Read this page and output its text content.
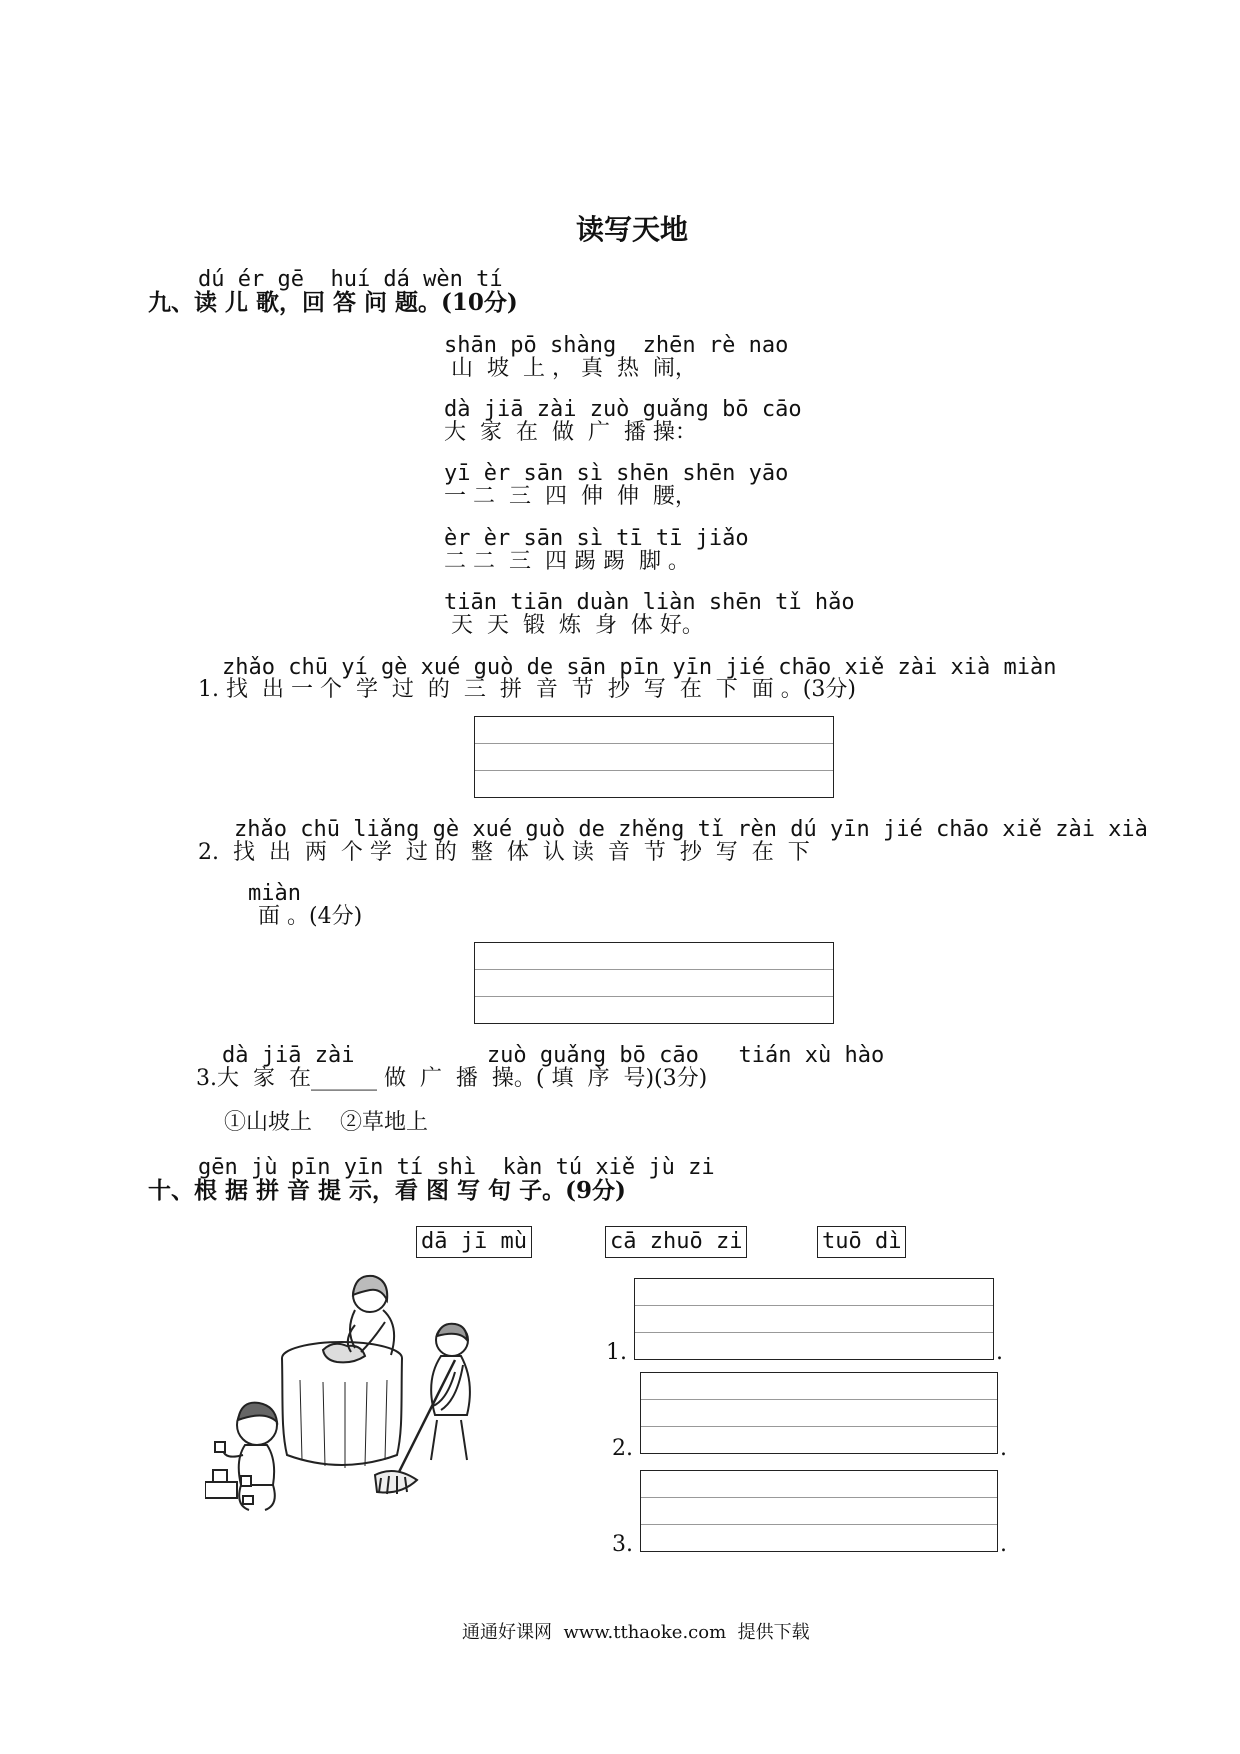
读写天地
dú ér gē  huí dá wèn tí
九、读 儿 歌，回 答 问 题。(10分)
shān pō shàng  zhēn rè nao
山  坡  上 ， 真  热  闹，
dà jiā zài zuò guǎng bō cāo
大  家  在  做  广  播 操：
yī èr sān sì shēn shēn yāo
一 二  三  四  伸  伸  腰，
èr èr sān sì tī tī jiǎo
二 二  三  四 踢 踢  脚 。
tiān tiān duàn liàn shēn tǐ hǎo
天  天  锻  炼  身  体 好。
zhǎo chū yí gè xué guò de sān pīn yīn jié chāo xiě zài xià miàn
1. 找  出 一 个  学  过  的  三  拼  音  节  抄  写  在  下  面 。(3分)
zhǎo chū liǎng gè xué guò de zhěng tǐ rèn dú yīn jié chāo xiě zài xià
2.  找  出  两  个 学  过 的  整  体  认 读  音  节  抄  写  在  下
miàn
面 。(4分)
dà jiā zài          zuò guǎng bō cāo   tián xù hào
3.大  家  在______ 做  广  播  操。( 填  序  号)(3分)
①山坡上    ②草地上
gēn jù pīn yīn tí shì  kàn tú xiě jù zi
十、根 据 拼 音 提 示，看 图 写 句 子。(9分)
dā jī mù	cā zhuō zi	tuō dì
1.	.
2.	.
3.	.
通通好课网  www.tthaoke.com  提供下载
